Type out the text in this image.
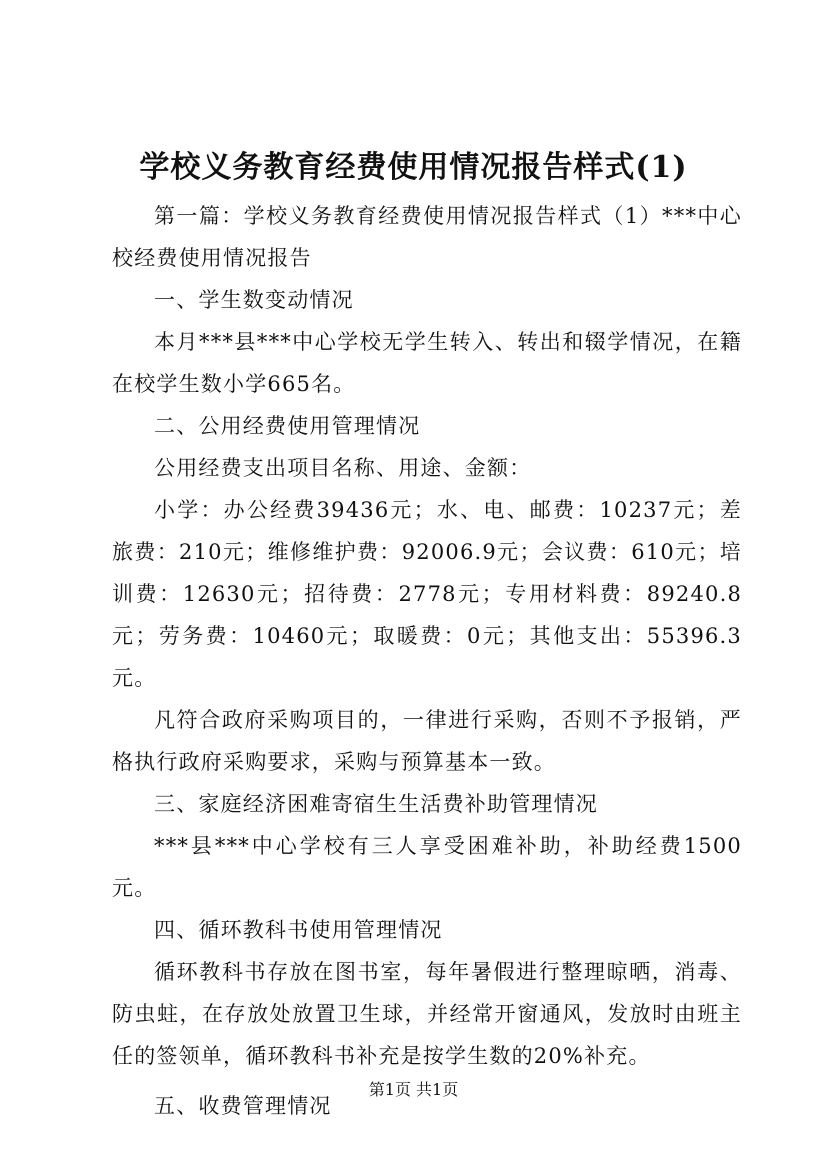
学校义务教育经费使用情况报告样式(1)

第一篇：学校义务教育经费使用情况报告样式（1）***中心校经费使用情况报告

一、学生数变动情况

本月***县***中心学校无学生转入、转出和辍学情况，在籍在校学生数小学665名。

二、公用经费使用管理情况

公用经费支出项目名称、用途、金额：

小学：办公经费39436元；水、电、邮费：10237元；差旅费：210元；维修维护费：92006.9元；会议费：610元；培训费：12630元；招待费：2778元；专用材料费：89240.8元；劳务费：10460元；取暖费：0元；其他支出：55396.3元。

凡符合政府采购项目的，一律进行采购，否则不予报销，严格执行政府采购要求，采购与预算基本一致。

三、家庭经济困难寄宿生生活费补助管理情况

***县***中心学校有三人享受困难补助，补助经费1500元。

四、循环教科书使用管理情况

循环教科书存放在图书室，每年暑假进行整理晾晒，消毒、防虫蛀，在存放处放置卫生球，并经常开窗通风，发放时由班主任的签领单，循环教科书补充是按学生数的20%补充。

五、收费管理情况

第1页 共1页
